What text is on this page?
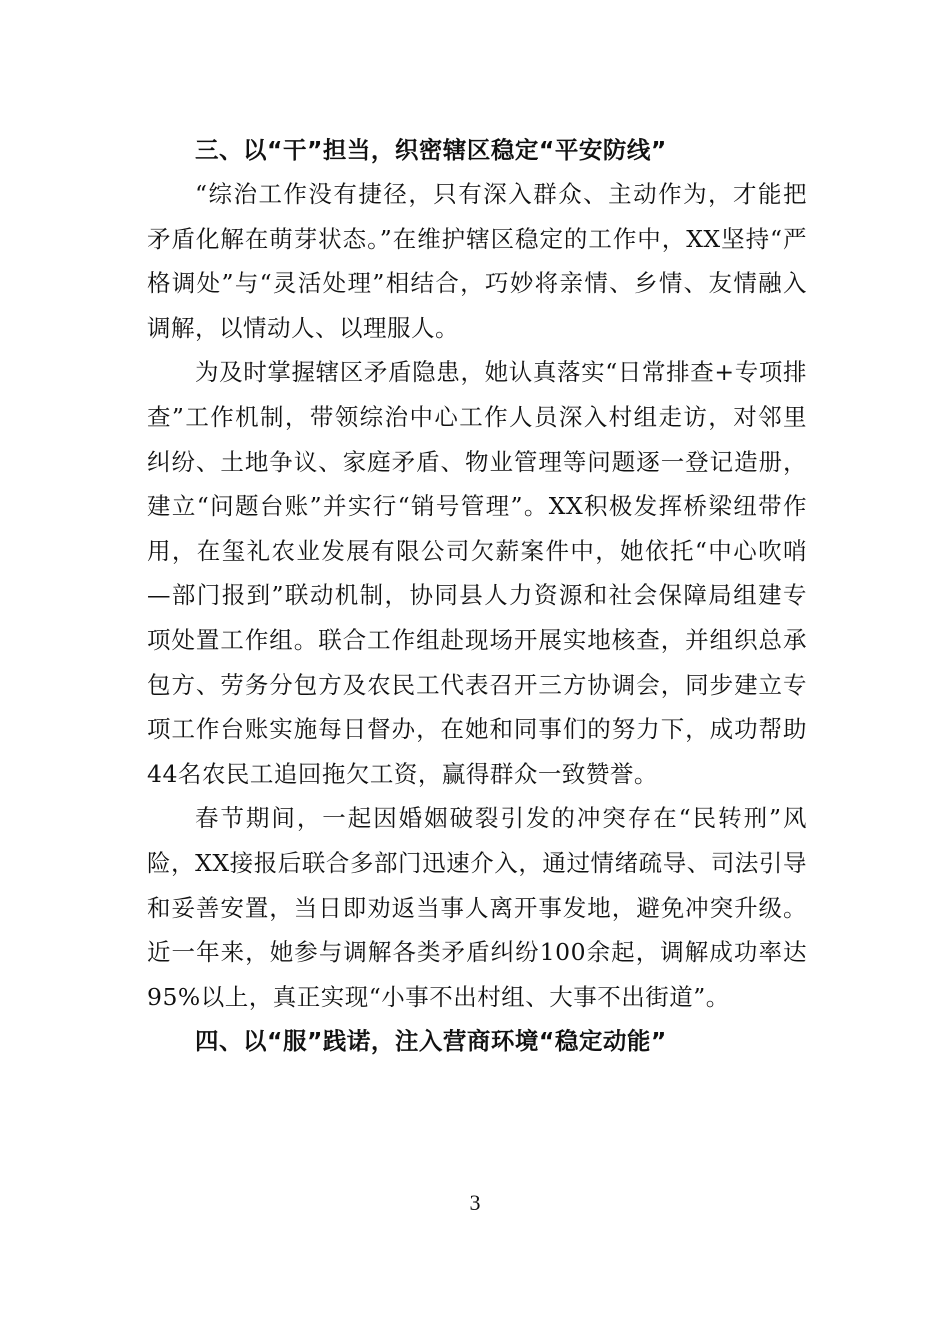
三、以“干”担当，织密辖区稳定“平安防线”

“综治工作没有捷径，只有深入群众、主动作为，才能把矛盾化解在萌芽状态。”在维护辖区稳定的工作中，XX坚持“严格调处”与“灵活处理”相结合，巧妙将亲情、乡情、友情融入调解，以情动人、以理服人。

为及时掌握辖区矛盾隐患，她认真落实“日常排查+专项排查”工作机制，带领综治中心工作人员深入村组走访，对邻里纠纷、土地争议、家庭矛盾、物业管理等问题逐一登记造册，建立“问题台账”并实行“销号管理”。XX积极发挥桥梁纽带作用，在玺礼农业发展有限公司欠薪案件中，她依托“中心吹哨—部门报到”联动机制，协同县人力资源和社会保障局组建专项处置工作组。联合工作组赴现场开展实地核查，并组织总承包方、劳务分包方及农民工代表召开三方协调会，同步建立专项工作台账实施每日督办，在她和同事们的努力下，成功帮助44名农民工追回拖欠工资，赢得群众一致赞誉。

春节期间，一起因婚姻破裂引发的冲突存在“民转刑”风险，XX接报后联合多部门迅速介入，通过情绪疏导、司法引导和妥善安置，当日即劝返当事人离开事发地，避免冲突升级。近一年来，她参与调解各类矛盾纠纷100余起，调解成功率达95%以上，真正实现“小事不出村组、大事不出街道”。

四、以“服”践诺，注入营商环境“稳定动能”
3
